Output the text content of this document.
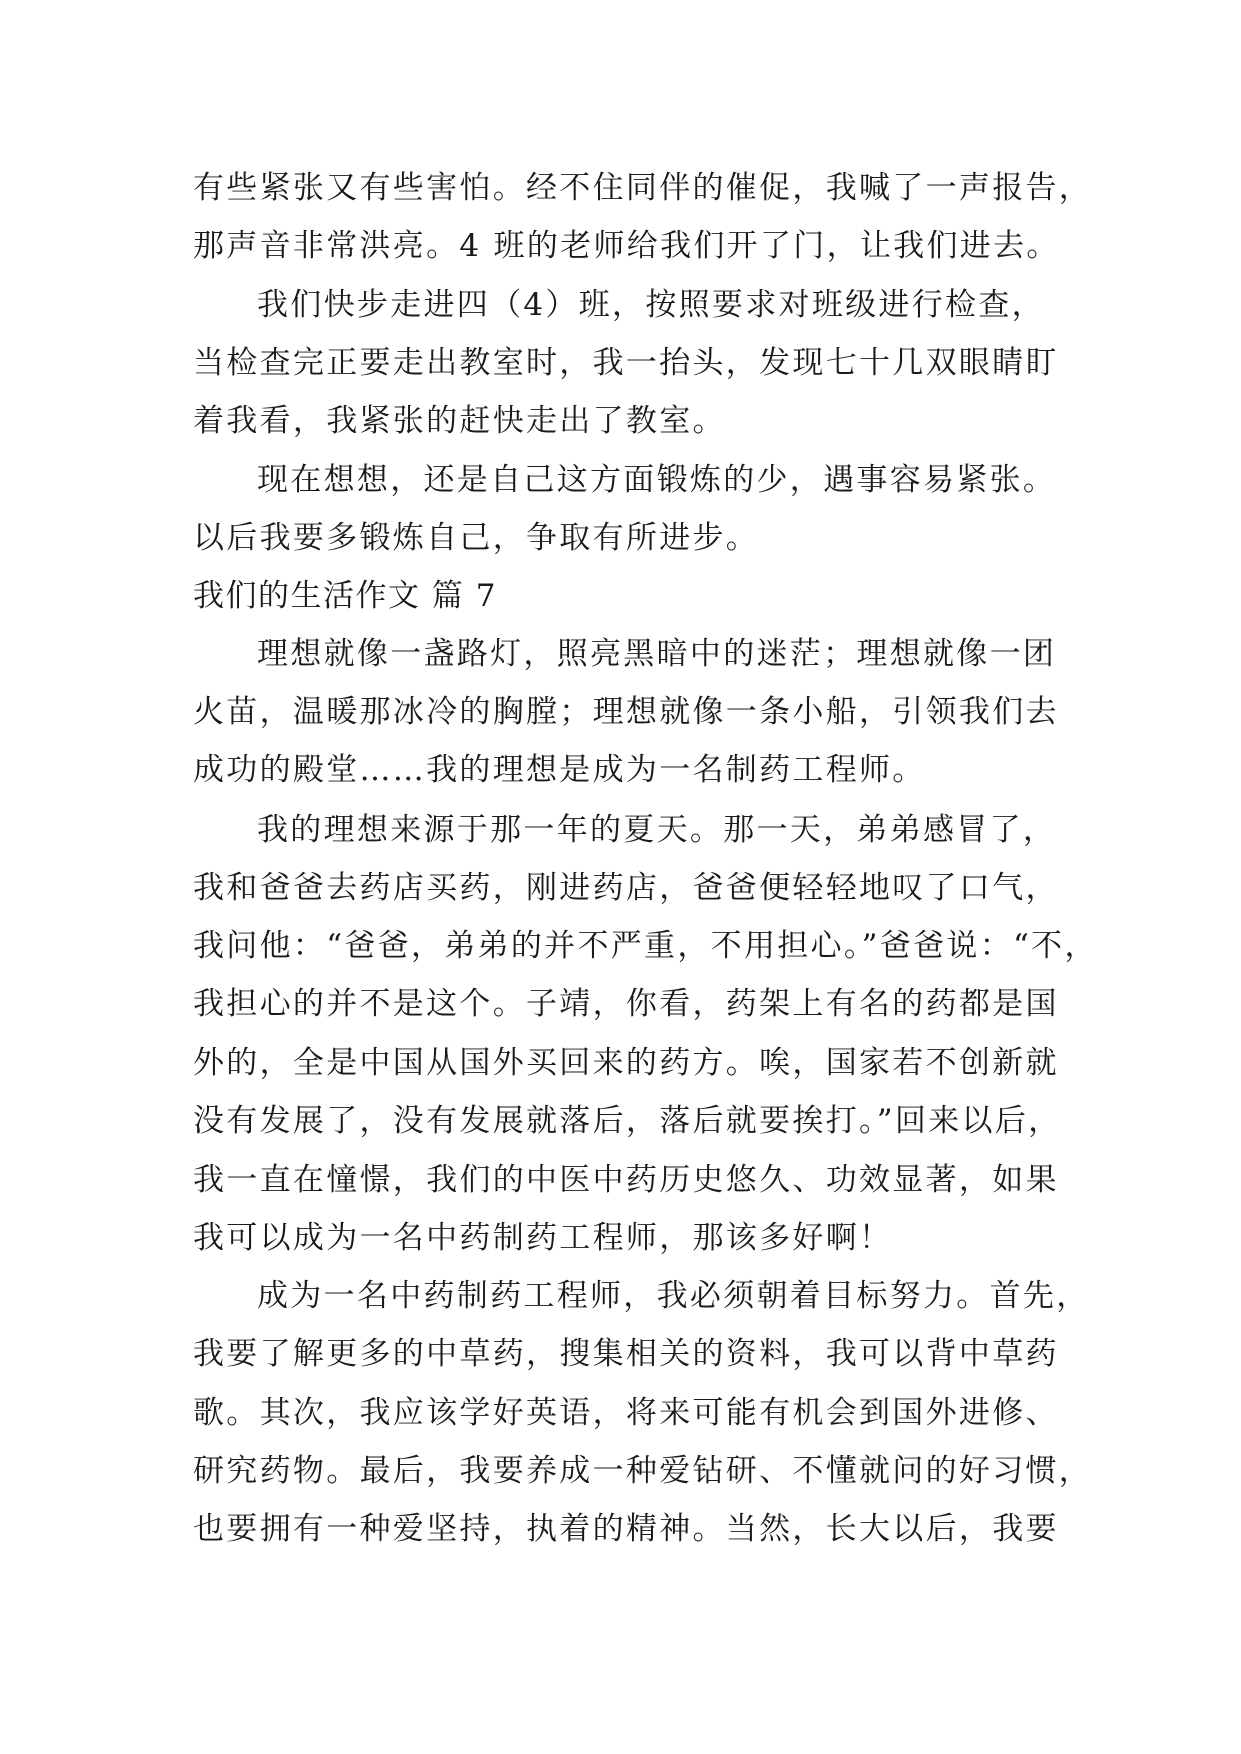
有些紧张又有些害怕。经不住同伴的催促，我喊了一声报告，
那声音非常洪亮。4 班的老师给我们开了门，让我们进去。
我们快步走进四（4）班，按照要求对班级进行检查，
当检查完正要走出教室时，我一抬头，发现七十几双眼睛盯
着我看，我紧张的赶快走出了教室。
现在想想，还是自己这方面锻炼的少，遇事容易紧张。
以后我要多锻炼自己，争取有所进步。
我们的生活作文 篇 7
理想就像一盏路灯，照亮黑暗中的迷茫；理想就像一团
火苗，温暖那冰冷的胸膛；理想就像一条小船，引领我们去
成功的殿堂……我的理想是成为一名制药工程师。
我的理想来源于那一年的夏天。那一天，弟弟感冒了，
我和爸爸去药店买药，刚进药店，爸爸便轻轻地叹了口气，
我问他：“爸爸，弟弟的并不严重，不用担心。”爸爸说：“不，
我担心的并不是这个。子靖，你看，药架上有名的药都是国
外的，全是中国从国外买回来的药方。唉，国家若不创新就
没有发展了，没有发展就落后，落后就要挨打。”回来以后，
我一直在憧憬，我们的中医中药历史悠久、功效显著，如果
我可以成为一名中药制药工程师，那该多好啊！
成为一名中药制药工程师，我必须朝着目标努力。首先，
我要了解更多的中草药，搜集相关的资料，我可以背中草药
歌。其次，我应该学好英语，将来可能有机会到国外进修、
研究药物。最后，我要养成一种爱钻研、不懂就问的好习惯，
也要拥有一种爱坚持，执着的精神。当然，长大以后，我要
